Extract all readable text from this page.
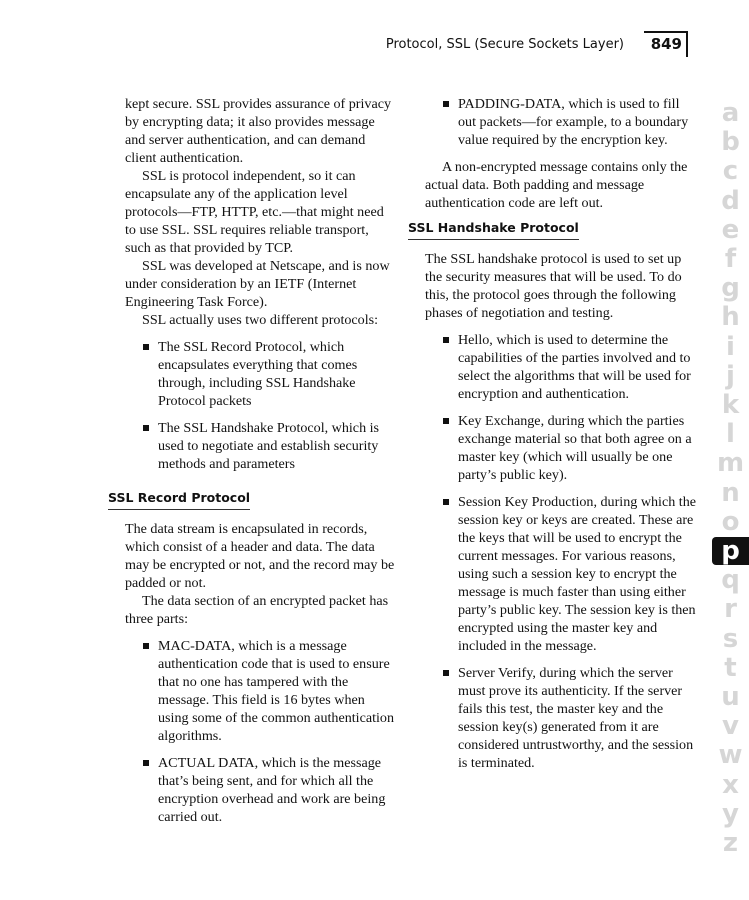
Protocol, SSL (Secure Sockets Layer) 849

kept secure. SSL provides assurance of privacy by encrypting data; it also provides message and server authentication, and can demand client authentication.

SSL is protocol independent, so it can encapsulate any of the application level protocols—FTP, HTTP, etc.—that might need to use SSL. SSL requires reliable transport, such as that provided by TCP.

SSL was developed at Netscape, and is now under consideration by an IETF (Internet Engineering Task Force).

SSL actually uses two different protocols:

The SSL Record Protocol, which encapsulates everything that comes through, including SSL Handshake Protocol packets
The SSL Handshake Protocol, which is used to negotiate and establish security methods and parameters
SSL Record Protocol

The data stream is encapsulated in records, which consist of a header and data. The data may be encrypted or not, and the record may be padded or not.

The data section of an encrypted packet has three parts:

MAC-DATA, which is a message authentication code that is used to ensure that no one has tampered with the message. This field is 16 bytes when using some of the common authentication algorithms.
ACTUAL DATA, which is the message that’s being sent, and for which all the encryption overhead and work are being carried out.
PADDING-DATA, which is used to fill out packets—for example, to a boundary value required by the encryption key.

A non-encrypted message contains only the actual data. Both padding and message authentication code are left out.

SSL Handshake Protocol

The SSL handshake protocol is used to set up the security measures that will be used. To do this, the protocol goes through the following phases of negotiation and testing.

Hello, which is used to determine the capabilities of the parties involved and to select the algorithms that will be used for encryption and authentication.
Key Exchange, during which the parties exchange material so that both agree on a master key (which will usually be one party’s public key).
Session Key Production, during which the session key or keys are created. These are the keys that will be used to encrypt the current messages. For various reasons, using such a session key to encrypt the message is much faster than using either party’s public key. The session key is then encrypted using the master key and included in the message.
Server Verify, during which the server must prove its authenticity. If the server fails this test, the master key and the session key(s) generated from it are considered untrustworthy, and the session is terminated.
a
b
c
d
e
f
g
h
i
j
k
l
m
n
o
p
q
r
s
t
u
v
w
x
y
z
